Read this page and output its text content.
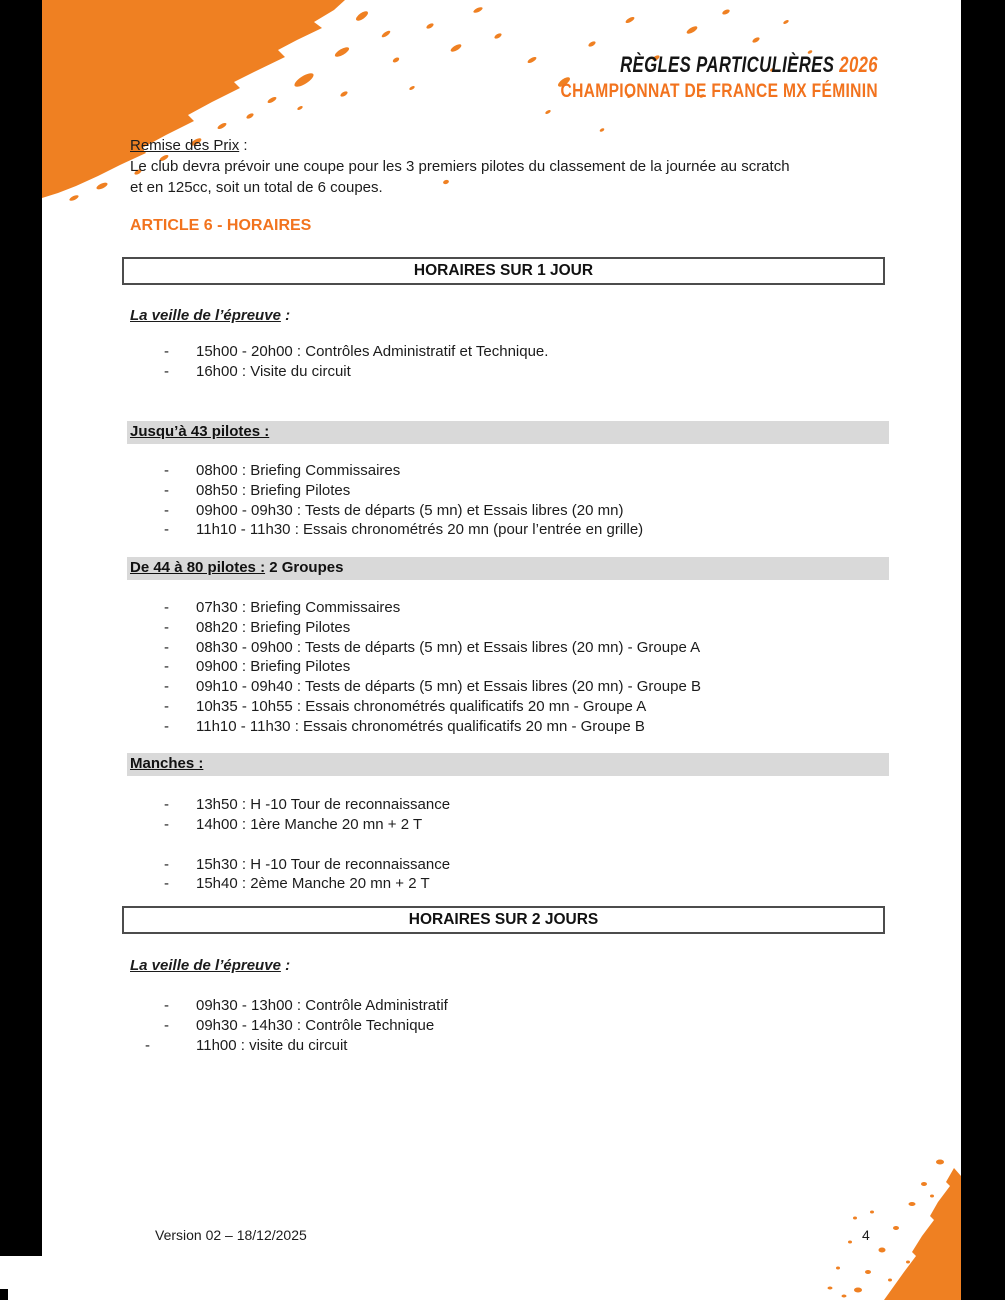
RÈGLES PARTICULIÈRES 2026
CHAMPIONNAT DE FRANCE MX FÉMININ
Remise des Prix :
Le club devra prévoir une coupe pour les 3 premiers pilotes du classement de la journée au scratch
et en 125cc, soit un total de 6 coupes.
ARTICLE 6 - HORAIRES
HORAIRES SUR 1 JOUR
La veille de l’épreuve :
- 15h00 - 20h00 : Contrôles Administratif et Technique.
- 16h00 : Visite du circuit
Jusqu’à 43 pilotes :
- 08h00 : Briefing Commissaires
- 08h50 : Briefing Pilotes
- 09h00 - 09h30 : Tests de départs (5 mn) et Essais libres (20 mn)
- 11h10 - 11h30 : Essais chronométrés 20 mn (pour l’entrée en grille)
De 44 à 80 pilotes : 2 Groupes
- 07h30 : Briefing Commissaires
- 08h20 : Briefing Pilotes
- 08h30 - 09h00 : Tests de départs (5 mn) et Essais libres (20 mn) - Groupe A
- 09h00 : Briefing Pilotes
- 09h10 - 09h40 : Tests de départs (5 mn) et Essais libres (20 mn) - Groupe B
- 10h35 - 10h55 : Essais chronométrés qualificatifs 20 mn - Groupe A
- 11h10 - 11h30 : Essais chronométrés qualificatifs 20 mn - Groupe B
Manches :
- 13h50 : H -10 Tour de reconnaissance
- 14h00 : 1ère Manche 20 mn + 2 T
- 15h30 : H -10 Tour de reconnaissance
- 15h40 : 2ème Manche 20 mn + 2 T
HORAIRES SUR 2 JOURS
La veille de l’épreuve :
- 09h30 - 13h00 : Contrôle Administratif
- 09h30 - 14h30 : Contrôle Technique
-	11h00 : visite du circuit
Version 02 – 18/12/2025	4
